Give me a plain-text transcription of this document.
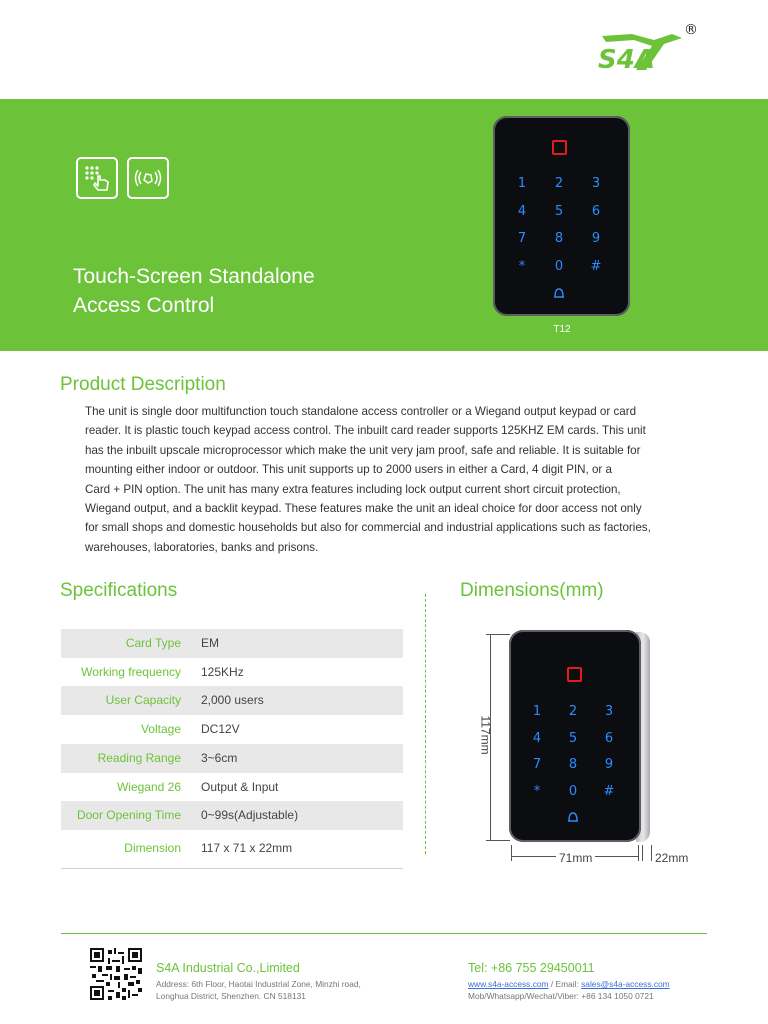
S4A
®
Touch-Screen Standalone
Access Control
1	2	3
4	5	6
7	8	9
*	0	#
T12
Product Description
The unit is single door multifunction touch standalone access controller or a Wiegand output keypad or card
reader. It is plastic touch keypad access control. The inbuilt card reader supports 125KHZ EM cards. This unit
has the inbuilt upscale microprocessor which make the unit very jam proof, safe and reliable. It is suitable for
mounting either indoor or outdoor. This unit supports up to 2000 users in either a Card, 4 digit PIN, or a
Card + PIN option. The unit has many extra features including lock output current short circuit protection,
Wiegand output, and a backlit keypad. These features make the unit an ideal choice for door access not only
for small shops and domestic households but also for commercial and industrial applications such as factories,
warehouses, laboratories, banks and prisons.
Specifications
Card Type EM
Working frequency 125KHz
User Capacity 2,000 users
Voltage DC12V
Reading Range 3~6cm
Wiegand 26 Output & Input
Door Opening Time 0~99s(Adjustable)
Dimension 117 x 71 x 22mm
Dimensions(mm)
1	2	3
4	5	6
7	8	9
*	0	#
117mm
71mm	22mm
S4A Industrial Co.,Limited
Address: 6th Floor, Haotai Industrial Zone, Minzhi road,
Longhua District, Shenzhen. CN 518131
Tel: +86 755 29450011
www.s4a-access.com / Email: sales@s4a-access.com
Mob/Whatsapp/Wechat/Viber: +86 134 1050 0721
